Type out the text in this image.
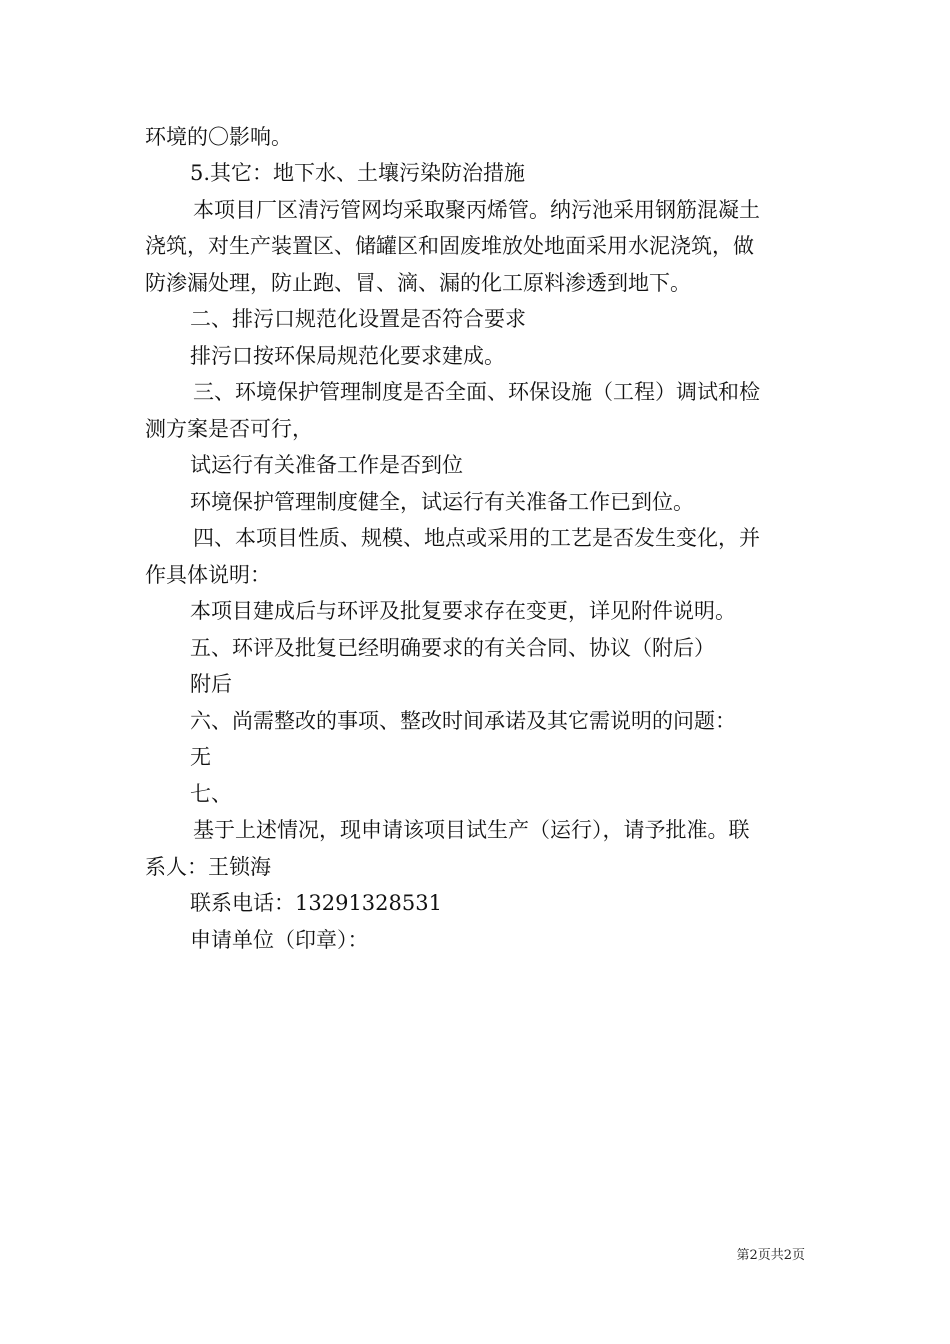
环境的〇影响。
5.其它：地下水、土壤污染防治措施
本项目厂区清污管网均采取聚丙烯管。纳污池采用钢筋混凝土
浇筑，对生产装置区、储罐区和固废堆放处地面采用水泥浇筑，做
防渗漏处理，防止跑、冒、滴、漏的化工原料渗透到地下。
二、排污口规范化设置是否符合要求
排污口按环保局规范化要求建成。
三、环境保护管理制度是否全面、环保设施（工程）调试和检
测方案是否可行，
试运行有关准备工作是否到位
环境保护管理制度健全，试运行有关准备工作已到位。
四、本项目性质、规模、地点或采用的工艺是否发生变化，并
作具体说明：
本项目建成后与环评及批复要求存在变更，详见附件说明。
五、环评及批复已经明确要求的有关合同、协议（附后）
附后
六、尚需整改的事项、整改时间承诺及其它需说明的问题：
无
七、
基于上述情况，现申请该项目试生产（运行），请予批准。联
系人：王锁海
联系电话：13291328531
申请单位（印章）：
第2页共2页
